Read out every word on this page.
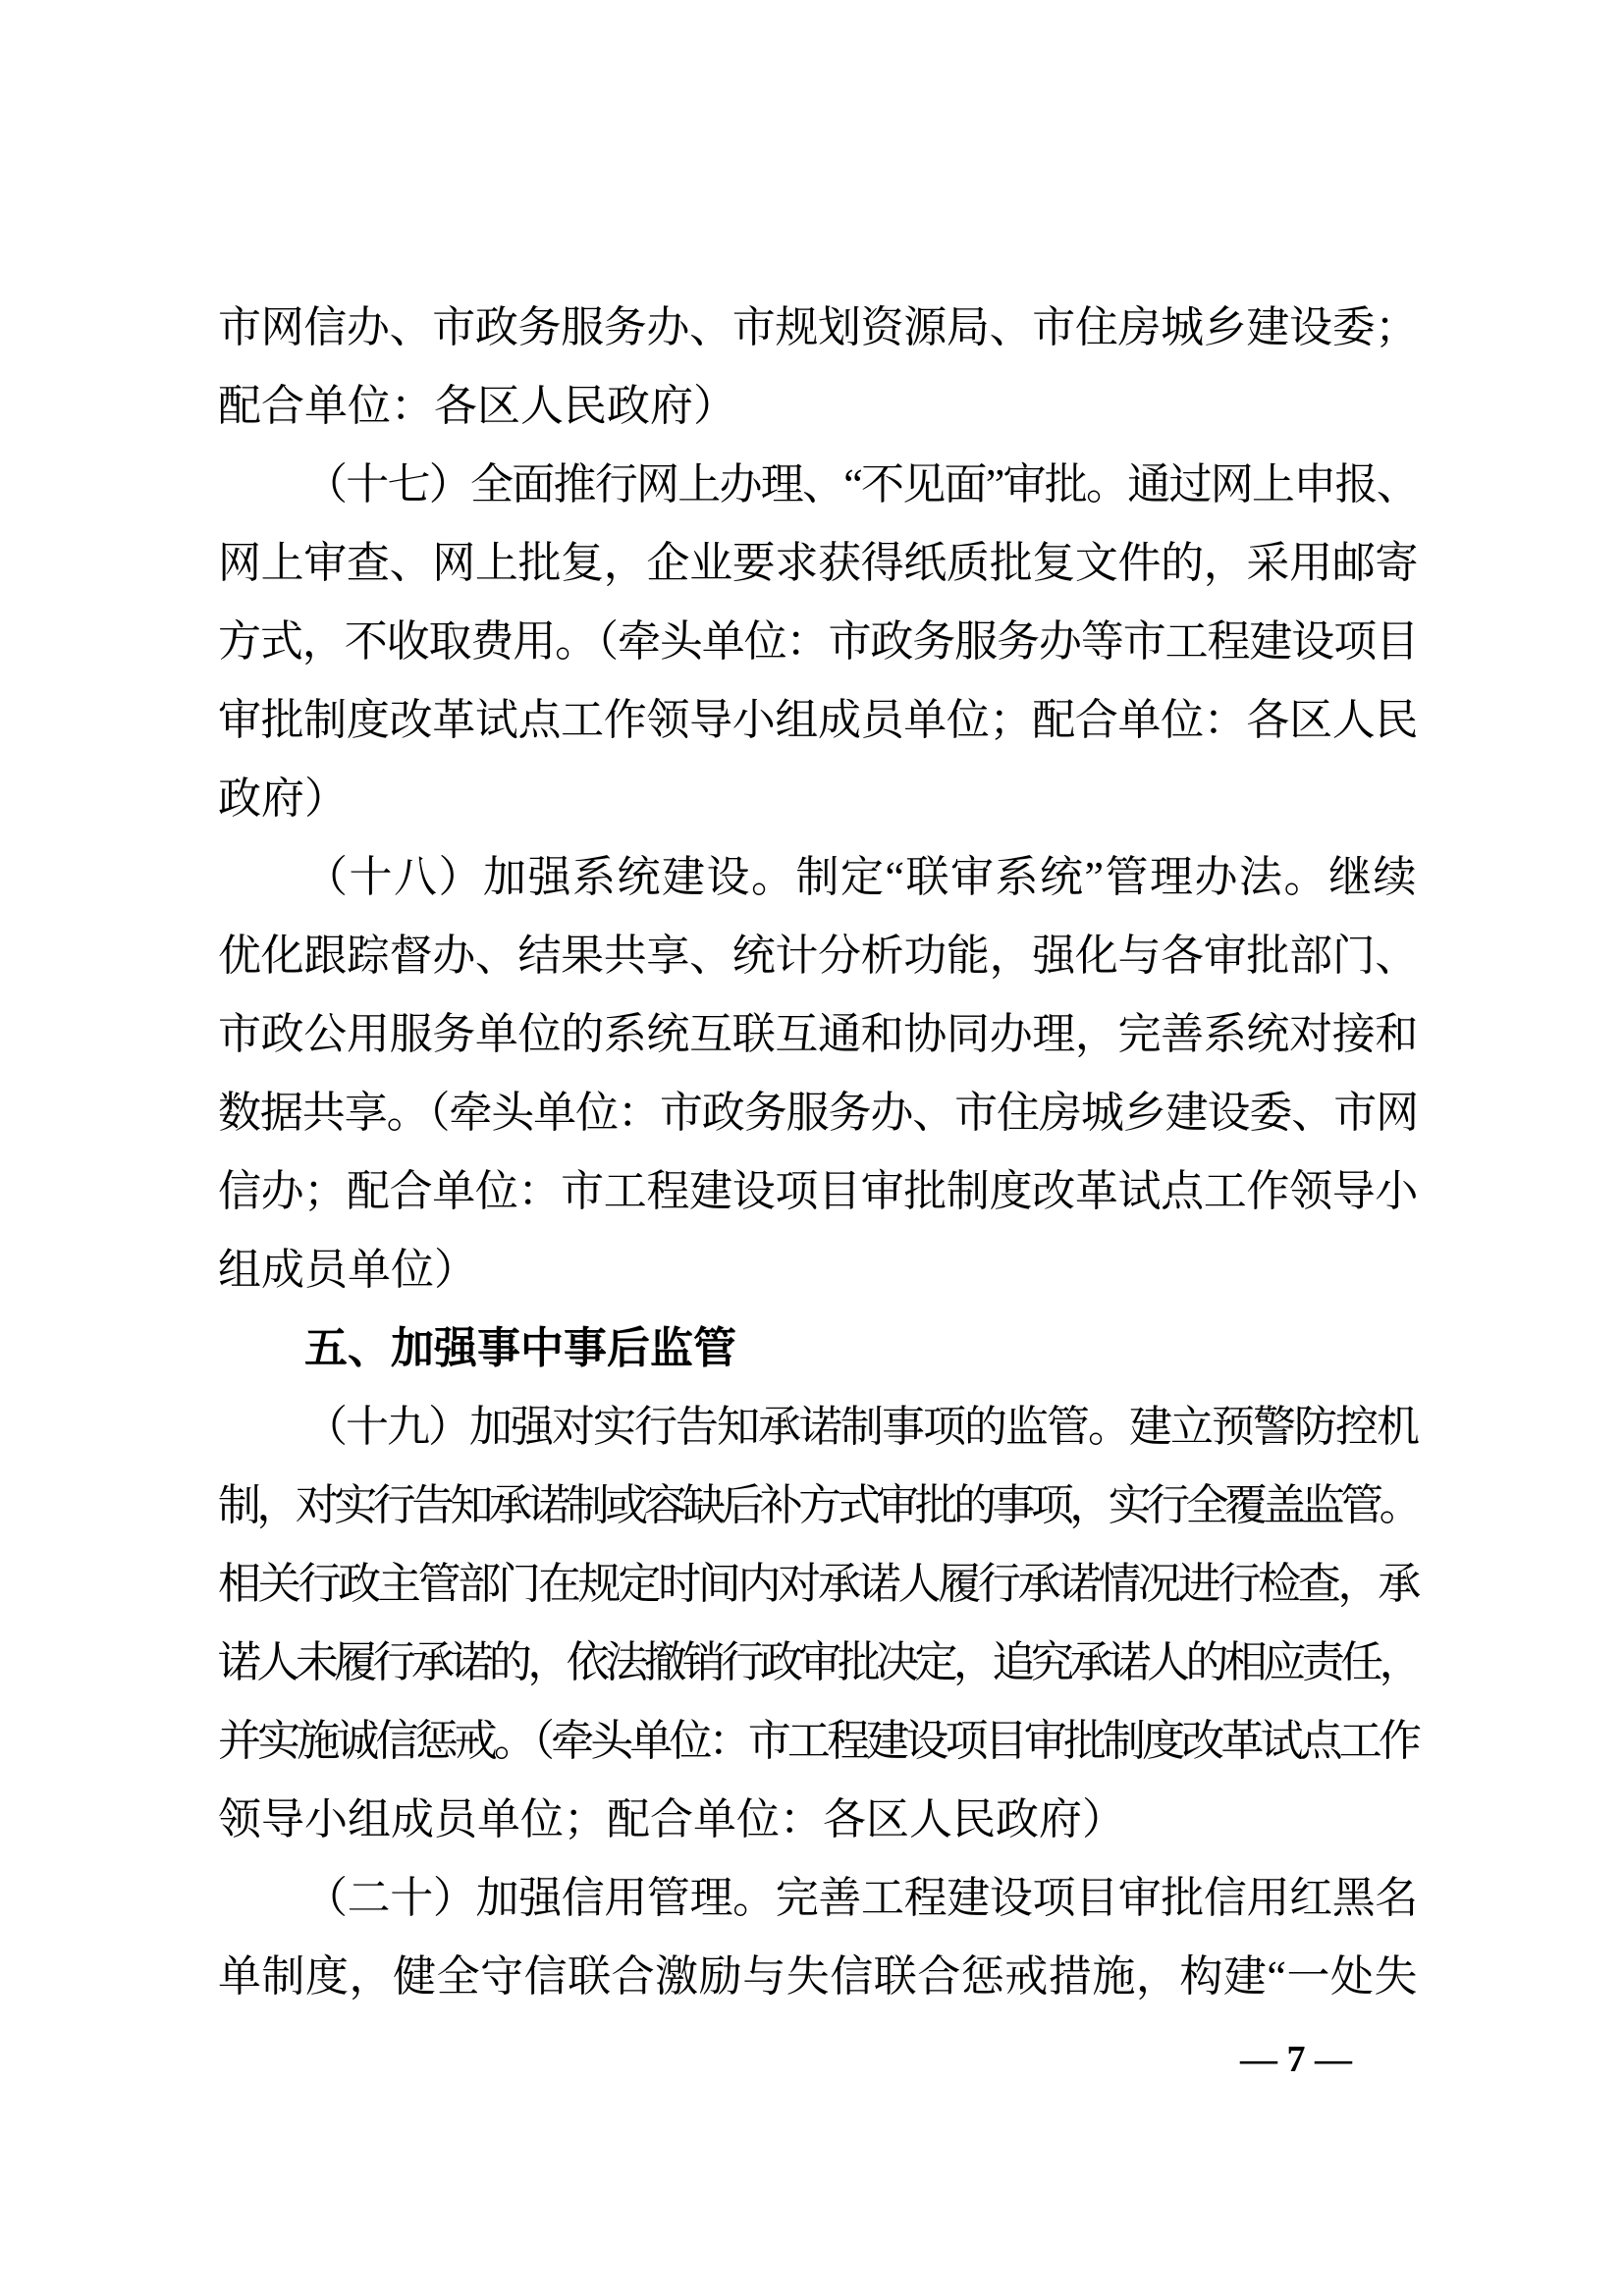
市网信办、市政务服务办、市规划资源局、市住房城乡建设委；
配合单位：各区人民政府）
（十七）全面推行网上办理、“不见面”审批。通过网上申报、
网上审查、网上批复，企业要求获得纸质批复文件的，采用邮寄
方式，不收取费用。（牵头单位：市政务服务办等市工程建设项目
审批制度改革试点工作领导小组成员单位；配合单位：各区人民
政府）
（十八）加强系统建设。制定“联审系统”管理办法。继续
优化跟踪督办、结果共享、统计分析功能，强化与各审批部门、
市政公用服务单位的系统互联互通和协同办理，完善系统对接和
数据共享。（牵头单位：市政务服务办、市住房城乡建设委、市网
信办；配合单位：市工程建设项目审批制度改革试点工作领导小
组成员单位）
五、加强事中事后监管
（十九）加强对实行告知承诺制事项的监管。建立预警防控机
制，对实行告知承诺制或容缺后补方式审批的事项，实行全覆盖监管。
相关行政主管部门在规定时间内对承诺人履行承诺情况进行检查，承
诺人未履行承诺的，依法撤销行政审批决定，追究承诺人的相应责任，
并实施诚信惩戒。（牵头单位：市工程建设项目审批制度改革试点工作
领导小组成员单位；配合单位：各区人民政府）
（二十）加强信用管理。完善工程建设项目审批信用红黑名
单制度，健全守信联合激励与失信联合惩戒措施，构建“一处失
— 7 —
